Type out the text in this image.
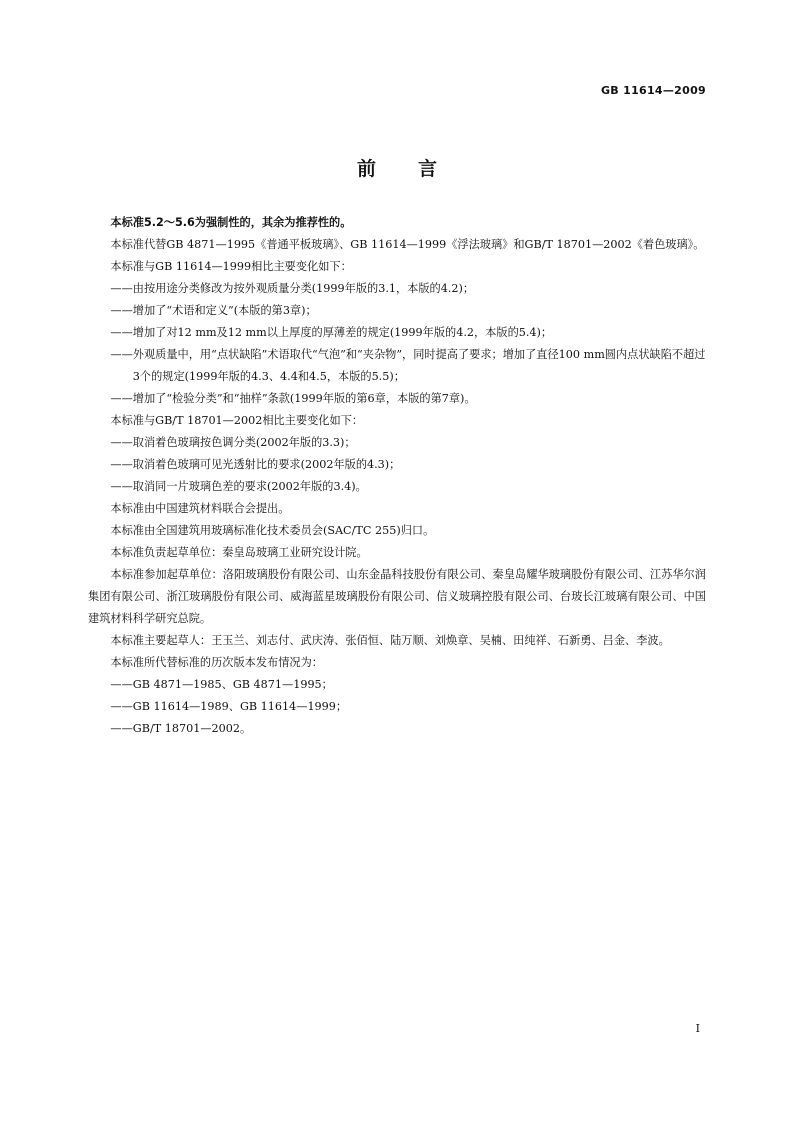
GB 11614—2009
前言

本标准5.2～5.6为强制性的，其余为推荐性的。

本标准代替GB 4871—1995《普通平板玻璃》、GB 11614—1999《浮法玻璃》和GB/T 18701—2002《着色玻璃》。

本标准与GB 11614—1999相比主要变化如下：

——由按用途分类修改为按外观质量分类(1999年版的3.1，本版的4.2)；

——增加了“术语和定义”(本版的第3章)；

——增加了对12 mm及12 mm以上厚度的厚薄差的规定(1999年版的4.2，本版的5.4)；

——外观质量中，用“点状缺陷”术语取代“气泡”和“夹杂物”，同时提高了要求；增加了直径100 mm圆内点状缺陷不超过3个的规定(1999年版的4.3、4.4和4.5，本版的5.5)；

——增加了“检验分类”和“抽样”条款(1999年版的第6章，本版的第7章)。

本标准与GB/T 18701—2002相比主要变化如下：

——取消着色玻璃按色调分类(2002年版的3.3)；

——取消着色玻璃可见光透射比的要求(2002年版的4.3)；

——取消同一片玻璃色差的要求(2002年版的3.4)。

本标准由中国建筑材料联合会提出。

本标准由全国建筑用玻璃标准化技术委员会(SAC/TC 255)归口。

本标准负责起草单位：秦皇岛玻璃工业研究设计院。

本标准参加起草单位：洛阳玻璃股份有限公司、山东金晶科技股份有限公司、秦皇岛耀华玻璃股份有限公司、江苏华尔润集团有限公司、浙江玻璃股份有限公司、威海蓝星玻璃股份有限公司、信义玻璃控股有限公司、台玻长江玻璃有限公司、中国建筑材料科学研究总院。

本标准主要起草人：王玉兰、刘志付、武庆涛、张佰恒、陆万顺、刘焕章、吴楠、田纯祥、石新勇、吕金、李波。

本标准所代替标准的历次版本发布情况为：

——GB 4871—1985、GB 4871—1995；

——GB 11614—1989、GB 11614—1999；

——GB/T 18701—2002。

I
